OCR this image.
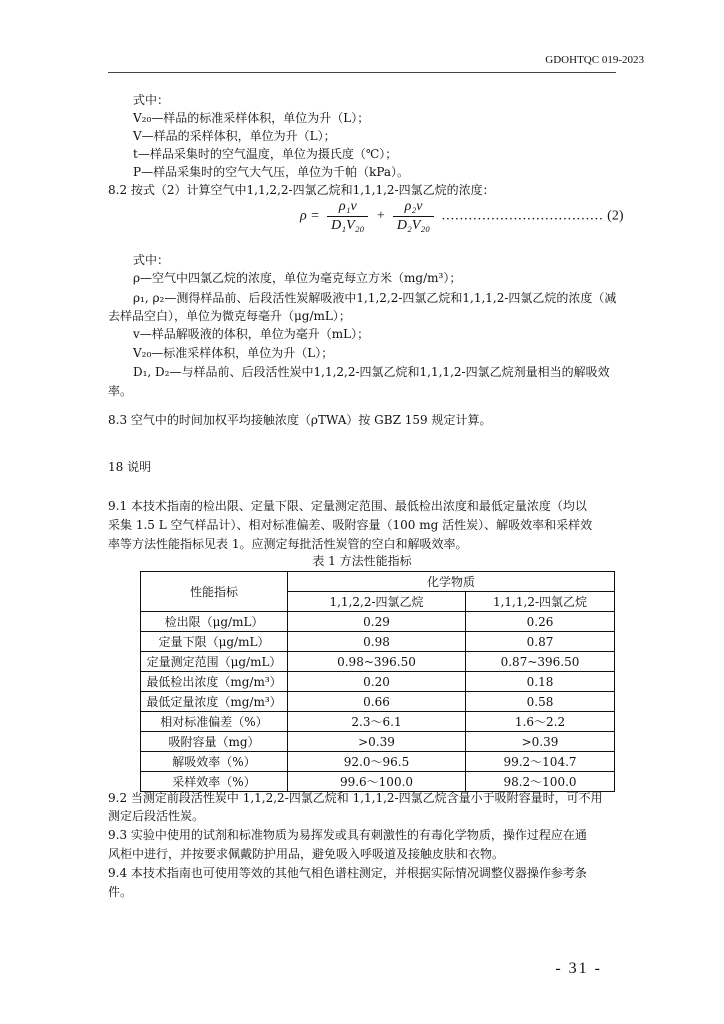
GDOHTQC 019-2023
式中：
V₂₀—样品的标准采样体积，单位为升（L）；
V—样品的采样体积，单位为升（L）；
t—样品采集时的空气温度，单位为摄氏度（℃）；
P—样品采集时的空气大气压，单位为千帕（kPa）。
8.2 按式（2）计算空气中1,1,2,2-四氯乙烷和1,1,1,2-四氯乙烷的浓度：
$\rho = \frac{\text{ρ₁v}}{\text{D₁V₂₀}} + \frac{\text{ρ₂v}}{\text{D₂V₂₀}}$ .................................... (2)
式中：
ρ—空气中四氯乙烷的浓度，单位为毫克每立方米（mg/m³）；
ρ₁, ρ₂—测得样品前、后段活性炭解吸液中1,1,2,2-四氯乙烷和1,1,1,2-四氯乙烷的浓度（减
去样品空白），单位为微克每毫升（μg/mL）；
v—样品解吸液的体积，单位为毫升（mL）；
V₂₀—标准采样体积，单位为升（L）；
D₁, D₂—与样品前、后段活性炭中1,1,2,2-四氯乙烷和1,1,1,2-四氯乙烷剂量相当的解吸效
率。
8.3 空气中的时间加权平均接触浓度（ρTWA）按 GBZ 159 规定计算。
18 说明
9.1 本技术指南的检出限、定量下限、定量测定范围、最低检出浓度和最低定量浓度（均以
采集 1.5 L 空气样品计）、相对标准偏差、吸附容量（100 mg 活性炭）、解吸效率和采样效
率等方法性能指标见表 1。应测定每批活性炭管的空白和解吸效率。
表 1 方法性能指标
性能指标	化学物质	
	1,1,2,2-四氯乙烷	1,1,1,2-四氯乙烷
检出限（μg/mL）	0.29	0.26
定量下限（μg/mL）	0.98	0.87
定量测定范围（μg/mL）	0.98~396.50	0.87~396.50
最低检出浓度（mg/m³）	0.20	0.18
最低定量浓度（mg/m³）	0.66	0.58
相对标准偏差（%）	2.3～6.1	1.6～2.2
吸附容量（mg）	>0.39	>0.39
解吸效率（%）	92.0～96.5	99.2～104.7
采样效率（%）	99.6～100.0	98.2～100.0
9.2 当测定前段活性炭中 1,1,2,2-四氯乙烷和 1,1,1,2-四氯乙烷含量小于吸附容量时，可不用
测定后段活性炭。
9.3 实验中使用的试剂和标准物质为易挥发或具有刺激性的有毒化学物质，操作过程应在通
风柜中进行，并按要求佩戴防护用品，避免吸入呼吸道及接触皮肤和衣物。
9.4 本技术指南也可使用等效的其他气相色谱柱测定，并根据实际情况调整仪器操作参考条
件。
- 31 -
